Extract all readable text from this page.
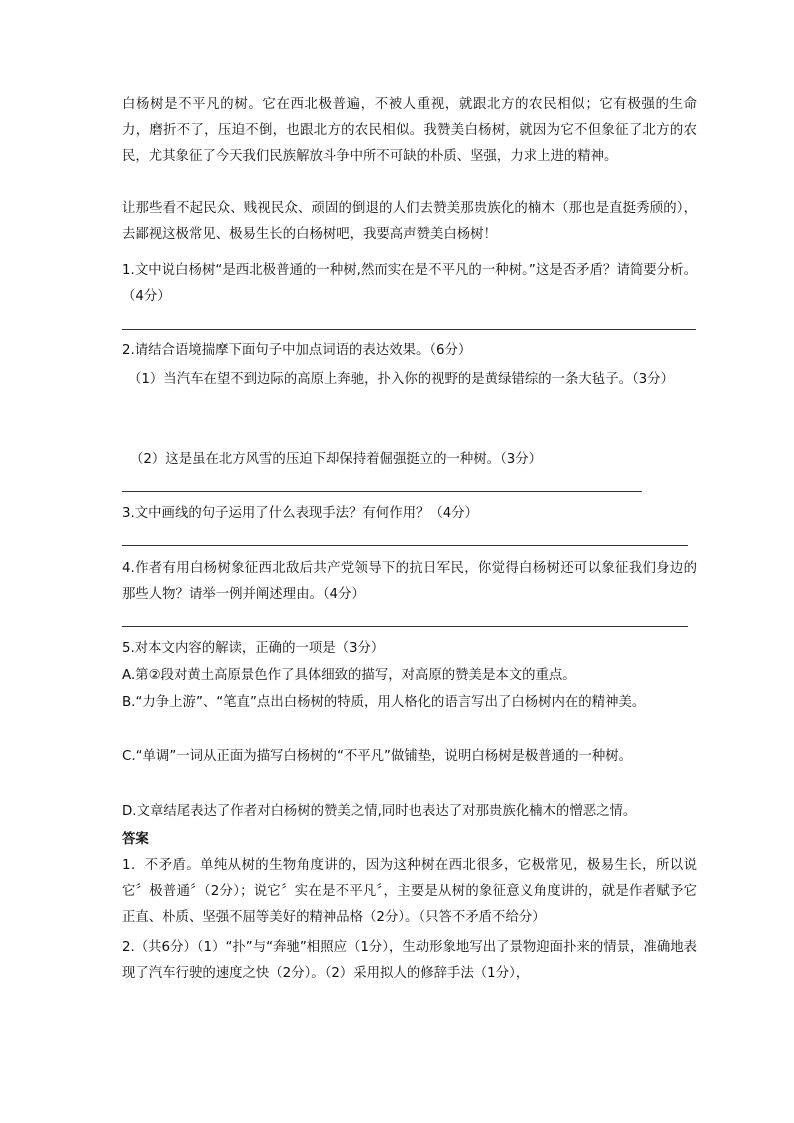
白杨树是不平凡的树。它在西北极普遍，不被人重视，就跟北方的农民相似；它有极强的生命力，磨折不了，压迫不倒，也跟北方的农民相似。我赞美白杨树，就因为它不但象征了北方的农民，尤其象征了今天我们民族解放斗争中所不可缺的朴质、坚强，力求上进的精神。

让那些看不起民众、贱视民众、顽固的倒退的人们去赞美那贵族化的楠木（那也是直挺秀颀的），去鄙视这极常见、极易生长的白杨树吧，我要高声赞美白杨树！

1.文中说白杨树“是西北极普通的一种树,然而实在是不平凡的一种树。”这是否矛盾？请简要分析。（4分）

2.请结合语境揣摩下面句子中加点词语的表达效果。（6分）

（1）当汽车在望不到边际的高原上奔驰，扑入你的视野的是黄绿错综的一条大毡子。（3分）

（2）这是虽在北方风雪的压迫下却保持着倔强挺立的一种树。（3分）

3.文中画线的句子运用了什么表现手法？有何作用？（4分）

4.作者有用白杨树象征西北敌后共产党领导下的抗日军民，你觉得白杨树还可以象征我们身边的那些人物？请举一例并阐述理由。（4分）

5.对本文内容的解读，正确的一项是（3分）

A.第②段对黄土高原景色作了具体细致的描写，对高原的赞美是本文的重点。

B.“力争上游”、“笔直”点出白杨树的特质，用人格化的语言写出了白杨树内在的精神美。

C.“单调”一词从正面为描写白杨树的“不平凡”做铺垫，说明白杨树是极普通的一种树。

D.文章结尾表达了作者对白杨树的赞美之情,同时也表达了对那贵族化楠木的憎恶之情。

答案

1．不矛盾。单纯从树的生物角度讲的，因为这种树在西北很多，它极常见，极易生长，所以说它〞极普通〞（2分）；说它〞实在是不平凡〞，主要是从树的象征意义角度讲的，就是作者赋予它正直、朴质、坚强不屈等美好的精神品格（2分）。（只答不矛盾不给分）

2.（共6分）（1）“扑”与“奔驰”相照应（1分），生动形象地写出了景物迎面扑来的情景，准确地表现了汽车行驶的速度之快（2分）。（2）采用拟人的修辞手法（1分），
